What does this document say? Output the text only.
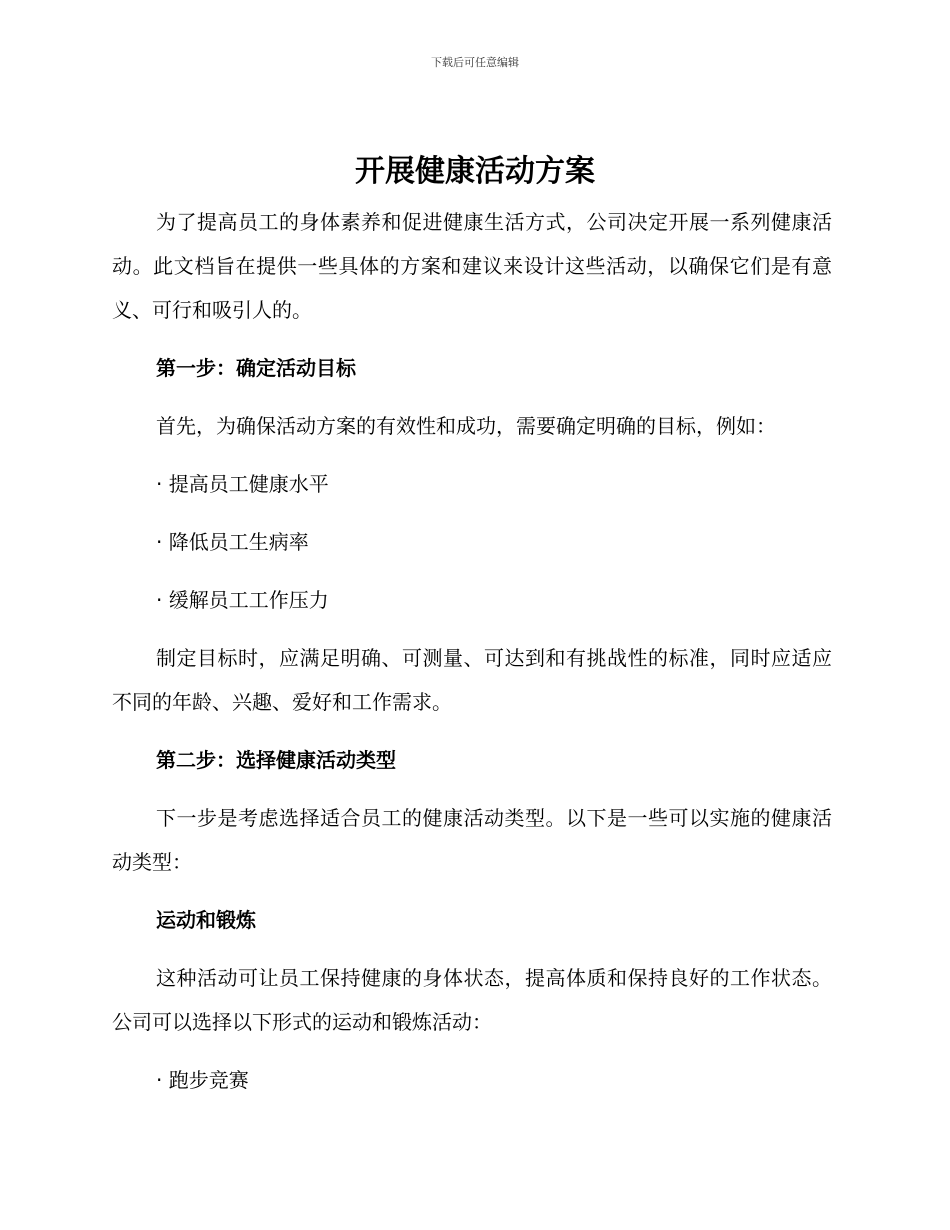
下载后可任意编辑
开展健康活动方案

为了提高员工的身体素养和促进健康生活方式，公司决定开展一系列健康活动。此文档旨在提供一些具体的方案和建议来设计这些活动，以确保它们是有意义、可行和吸引人的。

第一步：确定活动目标

首先，为确保活动方案的有效性和成功，需要确定明确的目标，例如：

· 提高员工健康水平

· 降低员工生病率

· 缓解员工工作压力

制定目标时，应满足明确、可测量、可达到和有挑战性的标准，同时应适应不同的年龄、兴趣、爱好和工作需求。

第二步：选择健康活动类型

下一步是考虑选择适合员工的健康活动类型。以下是一些可以实施的健康活动类型：

运动和锻炼

这种活动可让员工保持健康的身体状态，提高体质和保持良好的工作状态。公司可以选择以下形式的运动和锻炼活动：

· 跑步竞赛
